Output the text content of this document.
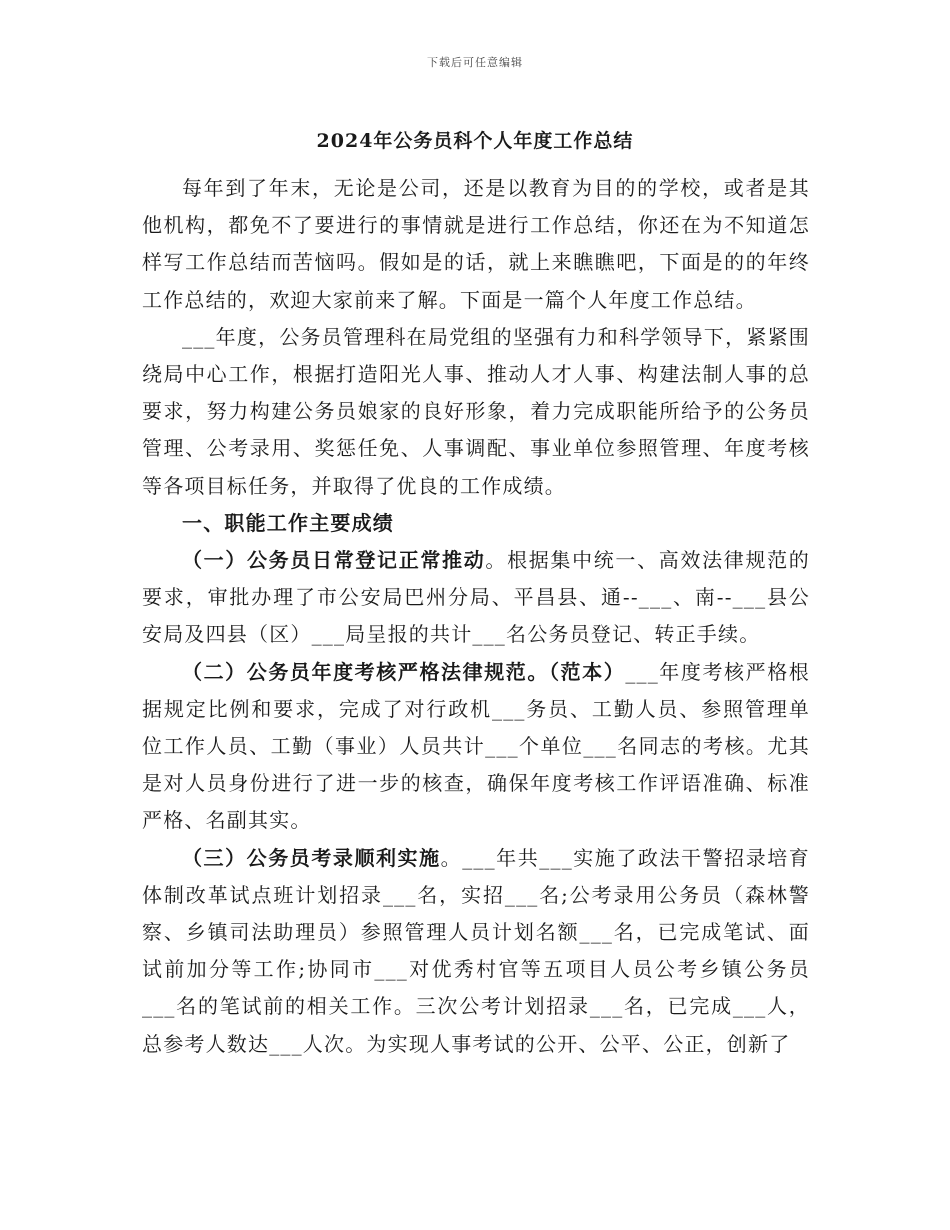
下载后可任意编辑
2024年公务员科个人年度工作总结

每年到了年末，无论是公司，还是以教育为目的的学校，或者是其他机构，都免不了要进行的事情就是进行工作总结，你还在为不知道怎样写工作总结而苦恼吗。假如是的话，就上来瞧瞧吧，下面是的的年终工作总结的，欢迎大家前来了解。下面是一篇个人年度工作总结。

___年度，公务员管理科在局党组的坚强有力和科学领导下，紧紧围绕局中心工作，根据打造阳光人事、推动人才人事、构建法制人事的总要求，努力构建公务员娘家的良好形象，着力完成职能所给予的公务员管理、公考录用、奖惩任免、人事调配、事业单位参照管理、年度考核等各项目标任务，并取得了优良的工作成绩。

一、职能工作主要成绩

（一）公务员日常登记正常推动。根据集中统一、高效法律规范的要求，审批办理了市公安局巴州分局、平昌县、通--___、南--___县公安局及四县（区）___局呈报的共计___名公务员登记、转正手续。

（二）公务员年度考核严格法律规范。（范本）___年度考核严格根据规定比例和要求，完成了对行政机___务员、工勤人员、参照管理单位工作人员、工勤（事业）人员共计___个单位___名同志的考核。尤其是对人员身份进行了进一步的核查，确保年度考核工作评语准确、标准严格、名副其实。

（三）公务员考录顺利实施。___年共___实施了政法干警招录培育体制改革试点班计划招录___名，实招___名;公考录用公务员（森林警察、乡镇司法助理员）参照管理人员计划名额___名，已完成笔试、面试前加分等工作;协同市___对优秀村官等五项目人员公考乡镇公务员___名的笔试前的相关工作。三次公考计划招录___名，已完成___人，总参考人数达___人次。为实现人事考试的公开、公平、公正，创新了
